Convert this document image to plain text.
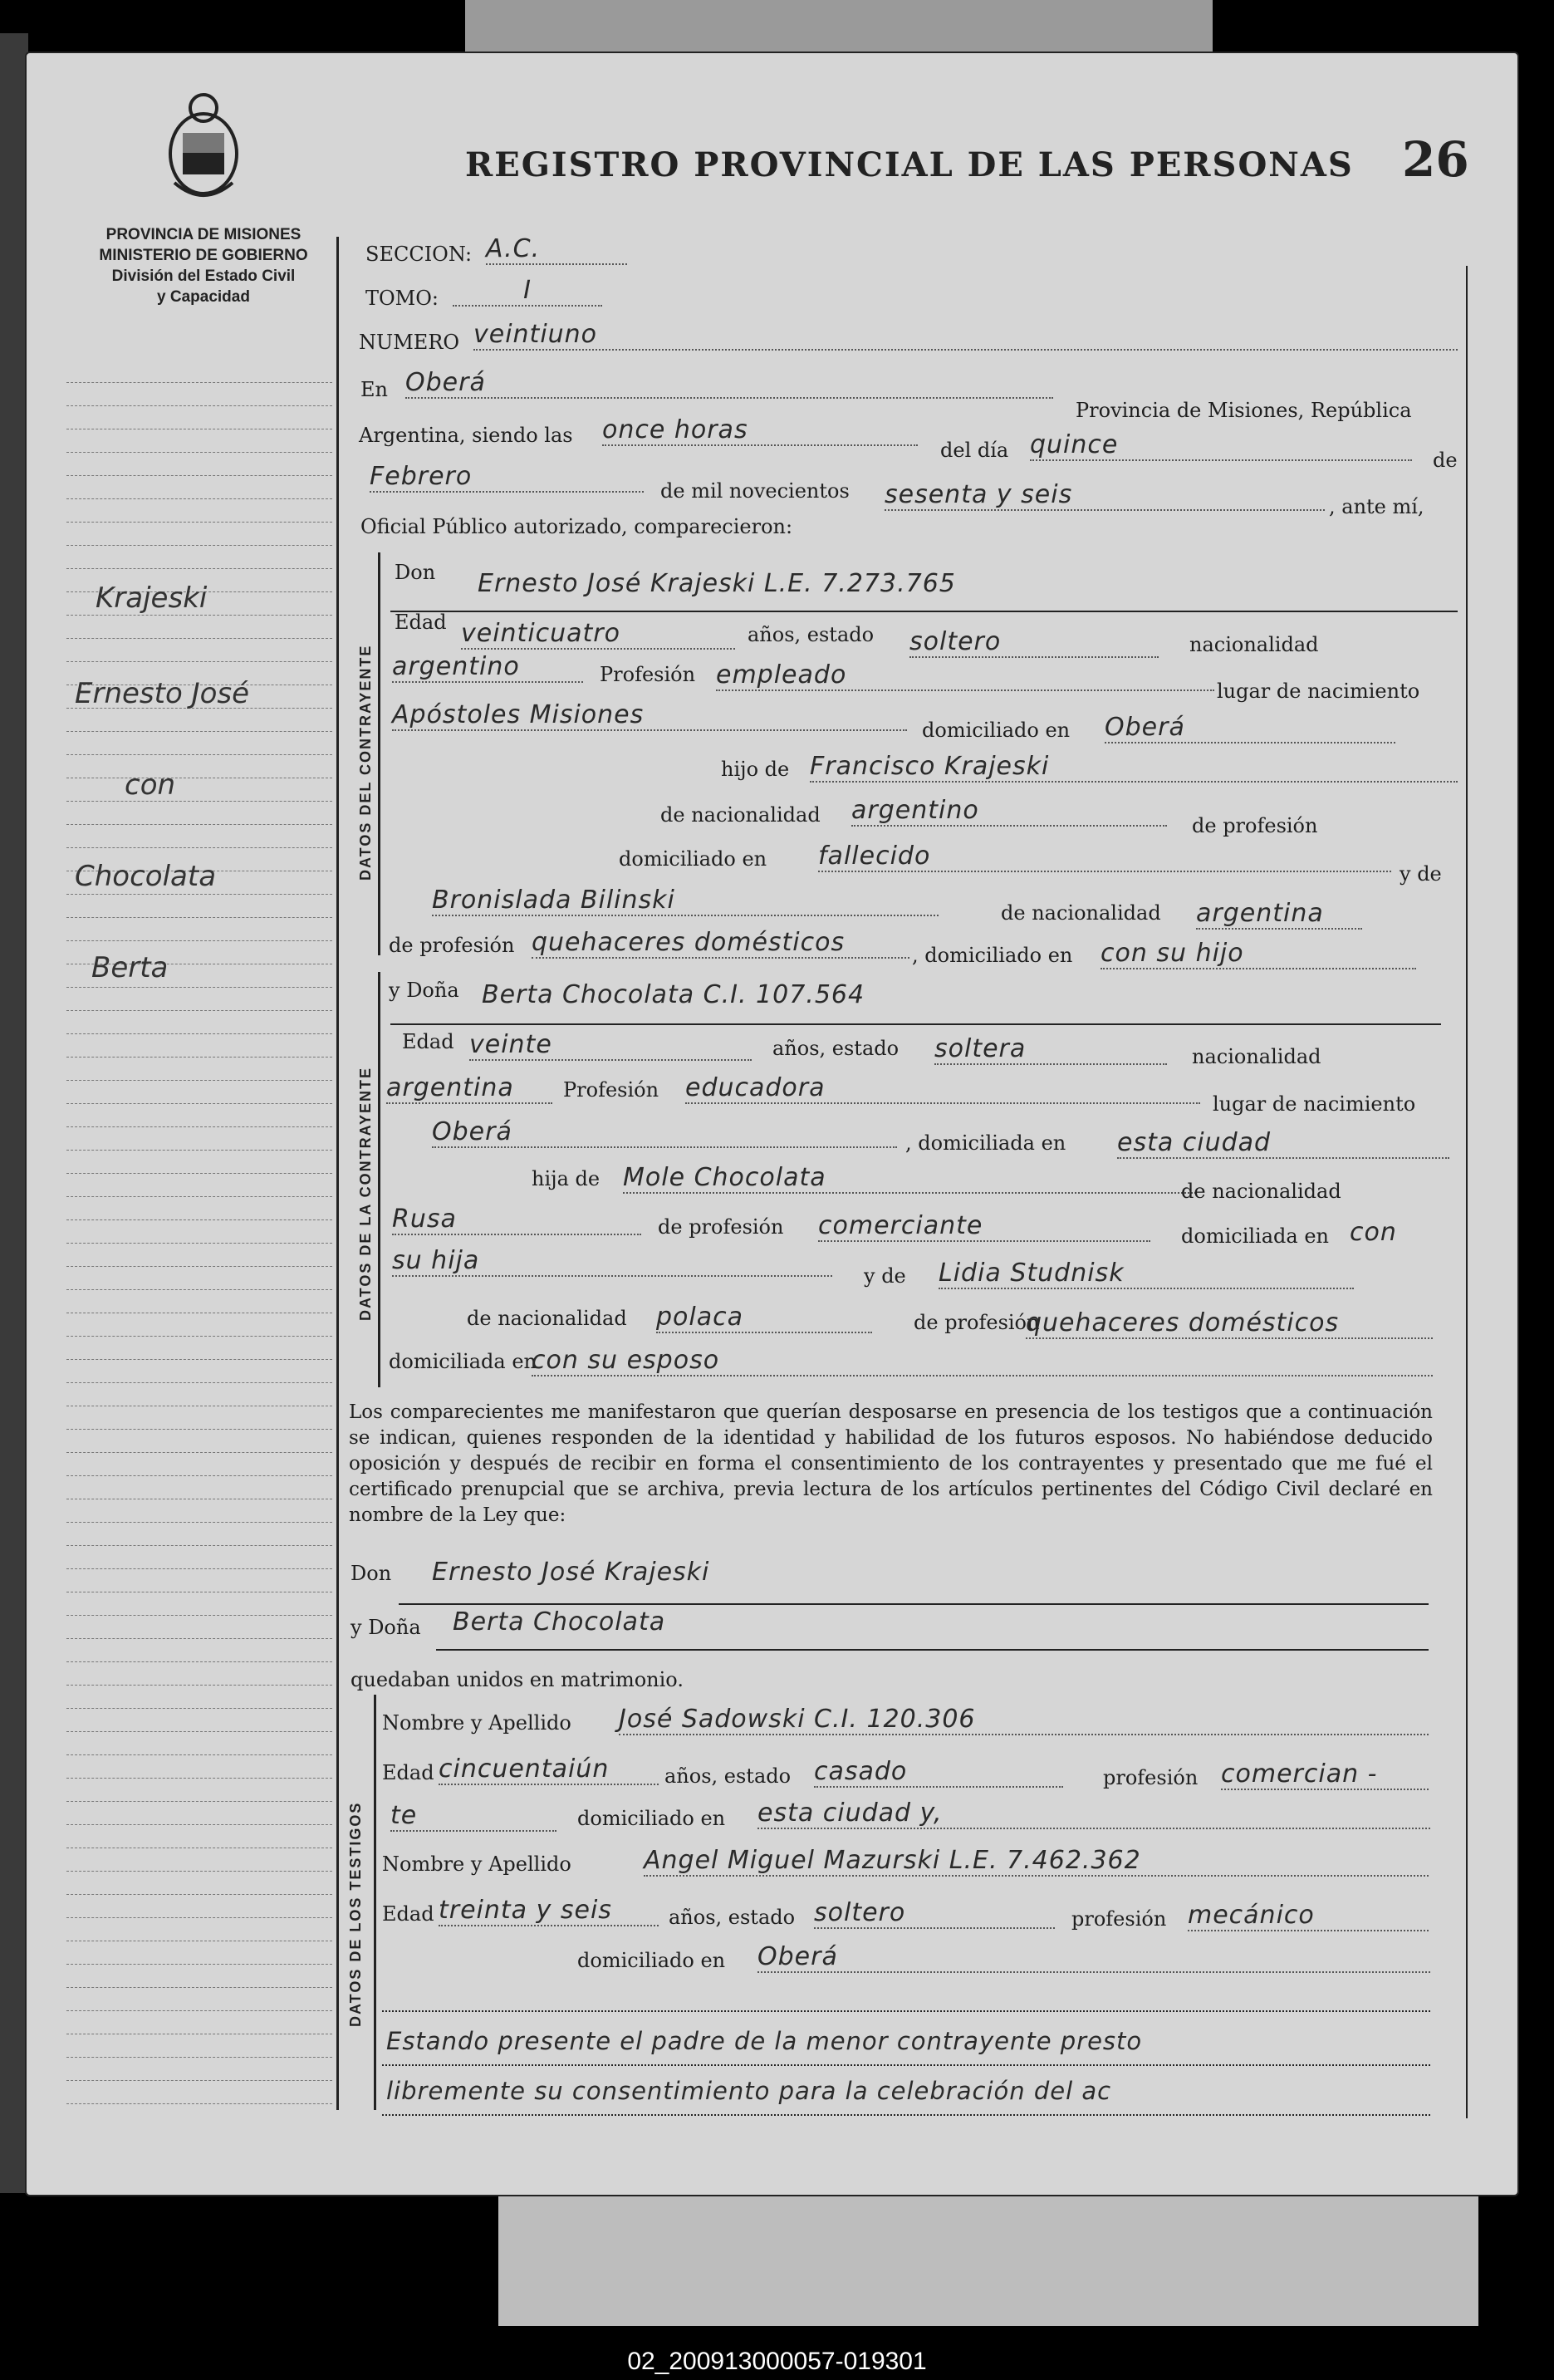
PROVINCIA DE MISIONES
MINISTERIO DE GOBIERNO
División del Estado Civil
y Capacidad
REGISTRO PROVINCIAL DE LAS PERSONAS 26
Krajeski
Ernesto José
con
Chocolata
Berta
SECCION: A.C.
TOMO:	I
NUMERO veintiuno
En Oberá
Provincia de Misiones, República
Argentina, siendo las once horas
del día quince
de
Febrero	de mil novecientos sesenta y seis	, ante mí,
Oficial Público autorizado, comparecieron:
DATOS DEL CONTRAYENTE
Don Ernesto José Krajeski L.E. 7.273.765
Edad veinticuatro	años, estado soltero	nacionalidad
argentino	Profesión empleado
lugar de nacimiento
Apóstoles Misiones
domiciliado en Oberá
hijo de Francisco Krajeski
de nacionalidad argentino
de profesión
domiciliado en fallecido
y de
Bronislada Bilinski	de nacionalidad argentina
de profesión quehaceres domésticos	, domiciliado en con su hijo
DATOS DE LA CONTRAYENTE
y Doña Berta Chocolata C.I. 107.564
Edad veinte	años, estado soltera	nacionalidad
argentina	Profesión educadora
lugar de nacimiento
Oberá	, domiciliada en esta ciudad
hija de Mole Chocolata	de nacionalidad
Rusa	de profesión comerciante	domiciliada en con
su hija
y de Lidia Studnisk
de nacionalidad polaca	de profesión
quehaceres domésticos
domiciliada en
con su esposo
Los comparecientes me manifestaron que querían desposarse en presencia de los testigos que a continuación se indican, quienes responden de la identidad y habilidad de los futuros esposos. No habiéndose deducido oposición y después de recibir en forma el consentimiento de los contrayentes y presentado que me fué el certificado prenupcial que se archiva, previa lectura de los artículos pertinentes del Código Civil declaré en nombre de la Ley que:
Don Ernesto José Krajeski
y Doña Berta Chocolata
quedaban unidos en matrimonio.
DATOS DE LOS TESTIGOS
Nombre y Apellido José Sadowski C.I. 120.306
Edad cincuentaiún	años, estado casado	profesión comercian -
te	domiciliado en esta ciudad y,
Nombre y Apellido	Angel Miguel Mazurski L.E. 7.462.362
Edad treinta y seis	años, estado soltero	profesión mecánico
domiciliado en Oberá
Estando presente el padre de la menor contrayente presto
libremente su consentimiento para la celebración del ac
02_200913000057-019301
